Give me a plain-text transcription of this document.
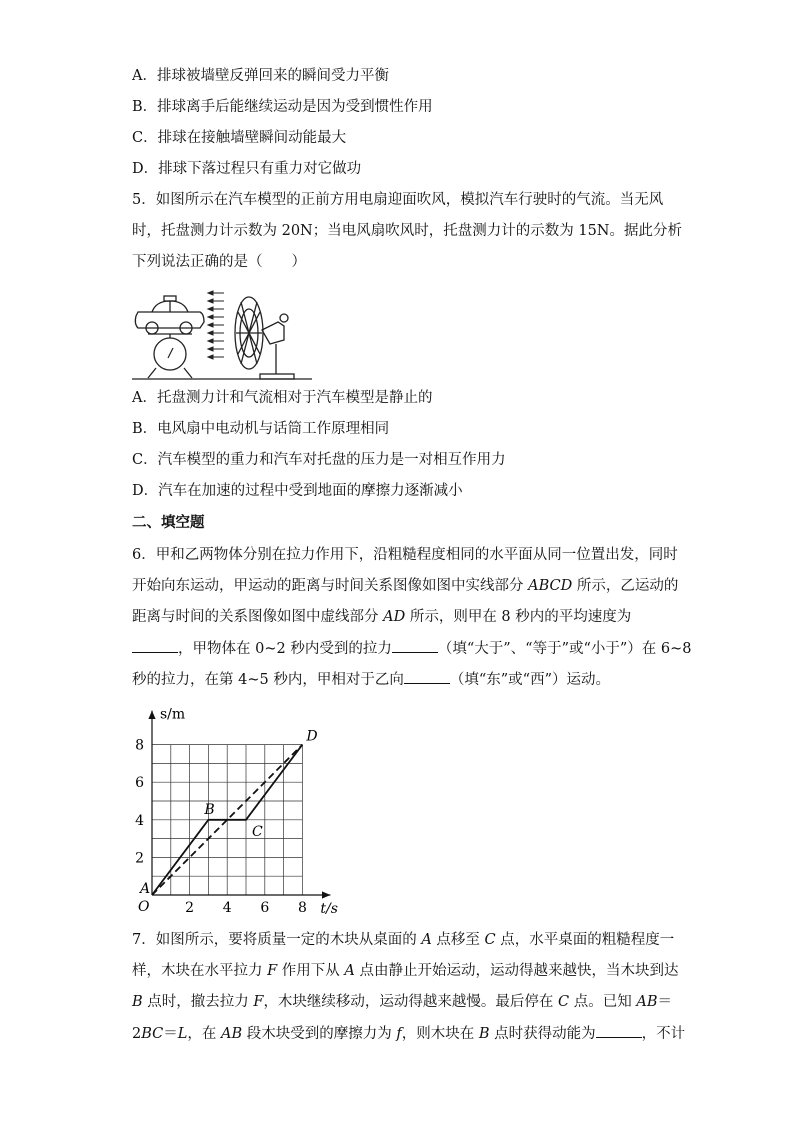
A．排球被墙壁反弹回来的瞬间受力平衡
B．排球离手后能继续运动是因为受到惯性作用
C．排球在接触墙壁瞬间动能最大
D．排球下落过程只有重力对它做功
5．如图所示在汽车模型的正前方用电扇迎面吹风，模拟汽车行驶时的气流。当无风
时，托盘测力计示数为 20N；当电风扇吹风时，托盘测力计的示数为 15N。据此分析
下列说法正确的是（　　）
A．托盘测力计和气流相对于汽车模型是静止的
B．电风扇中电动机与话筒工作原理相同
C．汽车模型的重力和汽车对托盘的压力是一对相互作用力
D．汽车在加速的过程中受到地面的摩擦力逐渐减小
二、填空题
6．甲和乙两物体分别在拉力作用下，沿粗糙程度相同的水平面从同一位置出发，同时
开始向东运动，甲运动的距离与时间关系图像如图中实线部分 ABCD 所示，乙运动的
距离与时间的关系图像如图中虚线部分 AD 所示，则甲在 8 秒内的平均速度为
，甲物体在 0~2 秒内受到的拉力	（填“大于”、“等于”或“小于”）在 6~8
秒的拉力，在第 4~5 秒内，甲相对于乙向	（填“东”或“西”）运动。
s/m
t/s
O	2 4 6 8
2
4
6
8
A
B
C
D
7．如图所示，要将质量一定的木块从桌面的 A 点移至 C 点，水平桌面的粗糙程度一
样，木块在水平拉力 F 作用下从 A 点由静止开始运动，运动得越来越快，当木块到达
B 点时，撤去拉力 F，木块继续移动，运动得越来越慢。最后停在 C 点。已知 AB＝
2BC＝L，在 AB 段木块受到的摩擦力为 f，则木块在 B 点时获得动能为	，不计
